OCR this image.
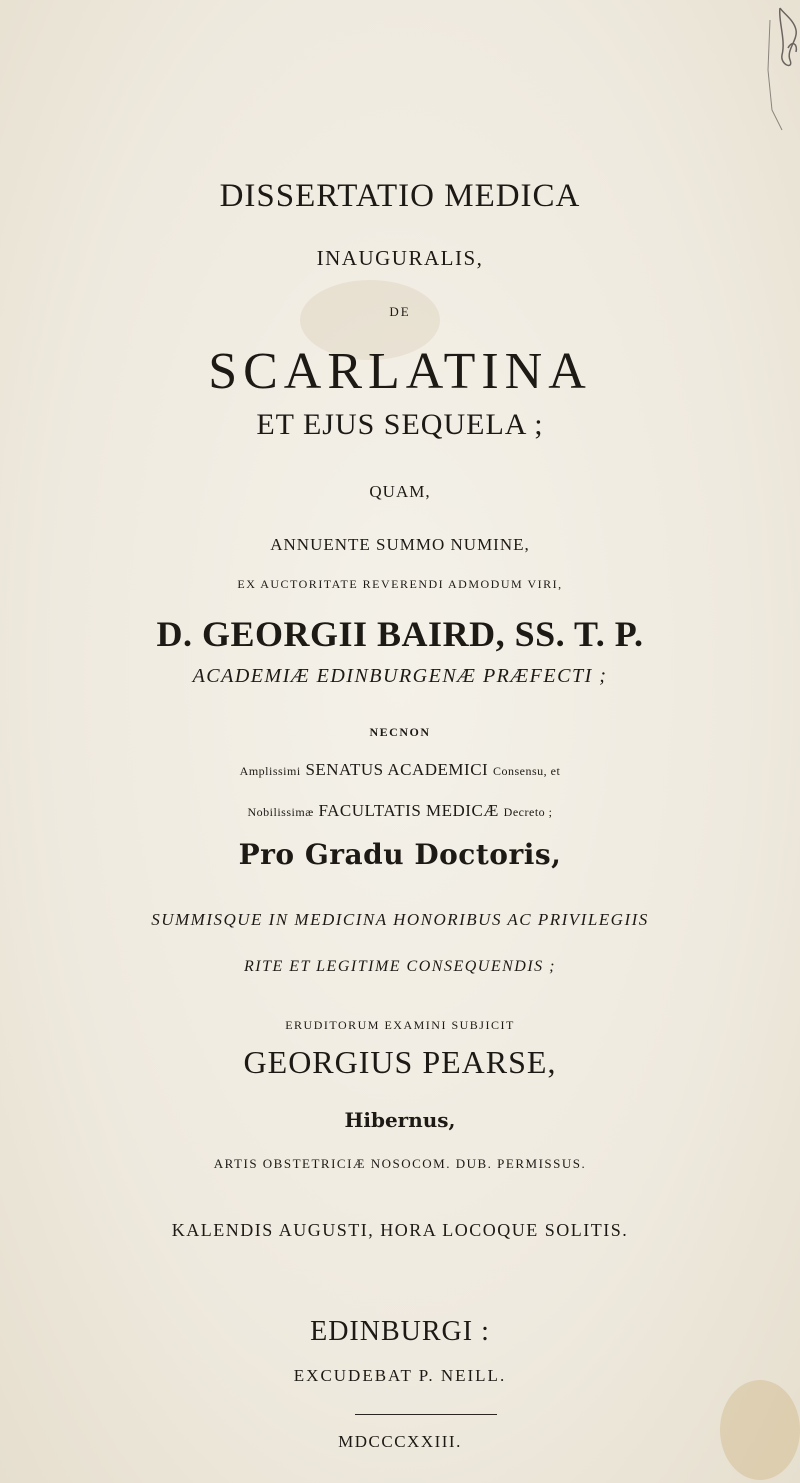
DISSERTATIO MEDICA
INAUGURALIS,
DE
SCARLATINA
ET EJUS SEQUELA ;
QUAM,
ANNUENTE SUMMO NUMINE,
EX AUCTORITATE REVERENDI ADMODUM VIRI,
D. GEORGII BAIRD, SS. T. P.
ACADEMIÆ EDINBURGENÆ PRÆFECTI ;
NECNON
Amplissimi SENATUS ACADEMICI Consensu, et
Nobilissimæ FACULTATIS MEDICÆ Decreto ;
Pro Gradu Doctoris,
SUMMISQUE IN MEDICINA HONORIBUS AC PRIVILEGIIS
RITE ET LEGITIME CONSEQUENDIS ;
ERUDITORUM EXAMINI SUBJICIT
GEORGIUS PEARSE,
Hibernus,
ARTIS OBSTETRICIÆ NOSOCOM. DUB. PERMISSUS.
KALENDIS AUGUSTI, HORA LOCOQUE SOLITIS.
EDINBURGI :
EXCUDEBAT P. NEILL.
MDCCCXXIII.
